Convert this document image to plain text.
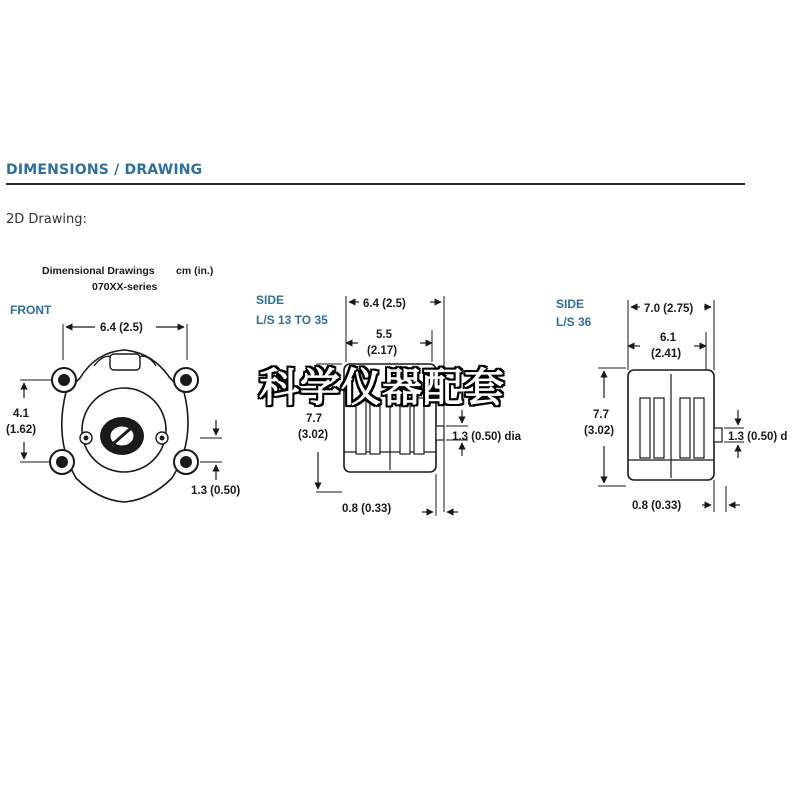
DIMENSIONS / DRAWING
2D Drawing:
Dimensional Drawings cm (in.)
070XX-series
FRONT
6.4 (2.5)
4.1
(1.62)
1.3 (0.50)
SIDE
L/S 13 TO 35
6.4 (2.5)
5.5
(2.17)
7.7
(3.02)	1.3 (0.50) dia
0.8 (0.33)
SIDE
L/S 36
7.0 (2.75)
6.1
(2.41)
7.7
(3.02)	1.3 (0.50) d
0.8 (0.33)
科学仪器配套
